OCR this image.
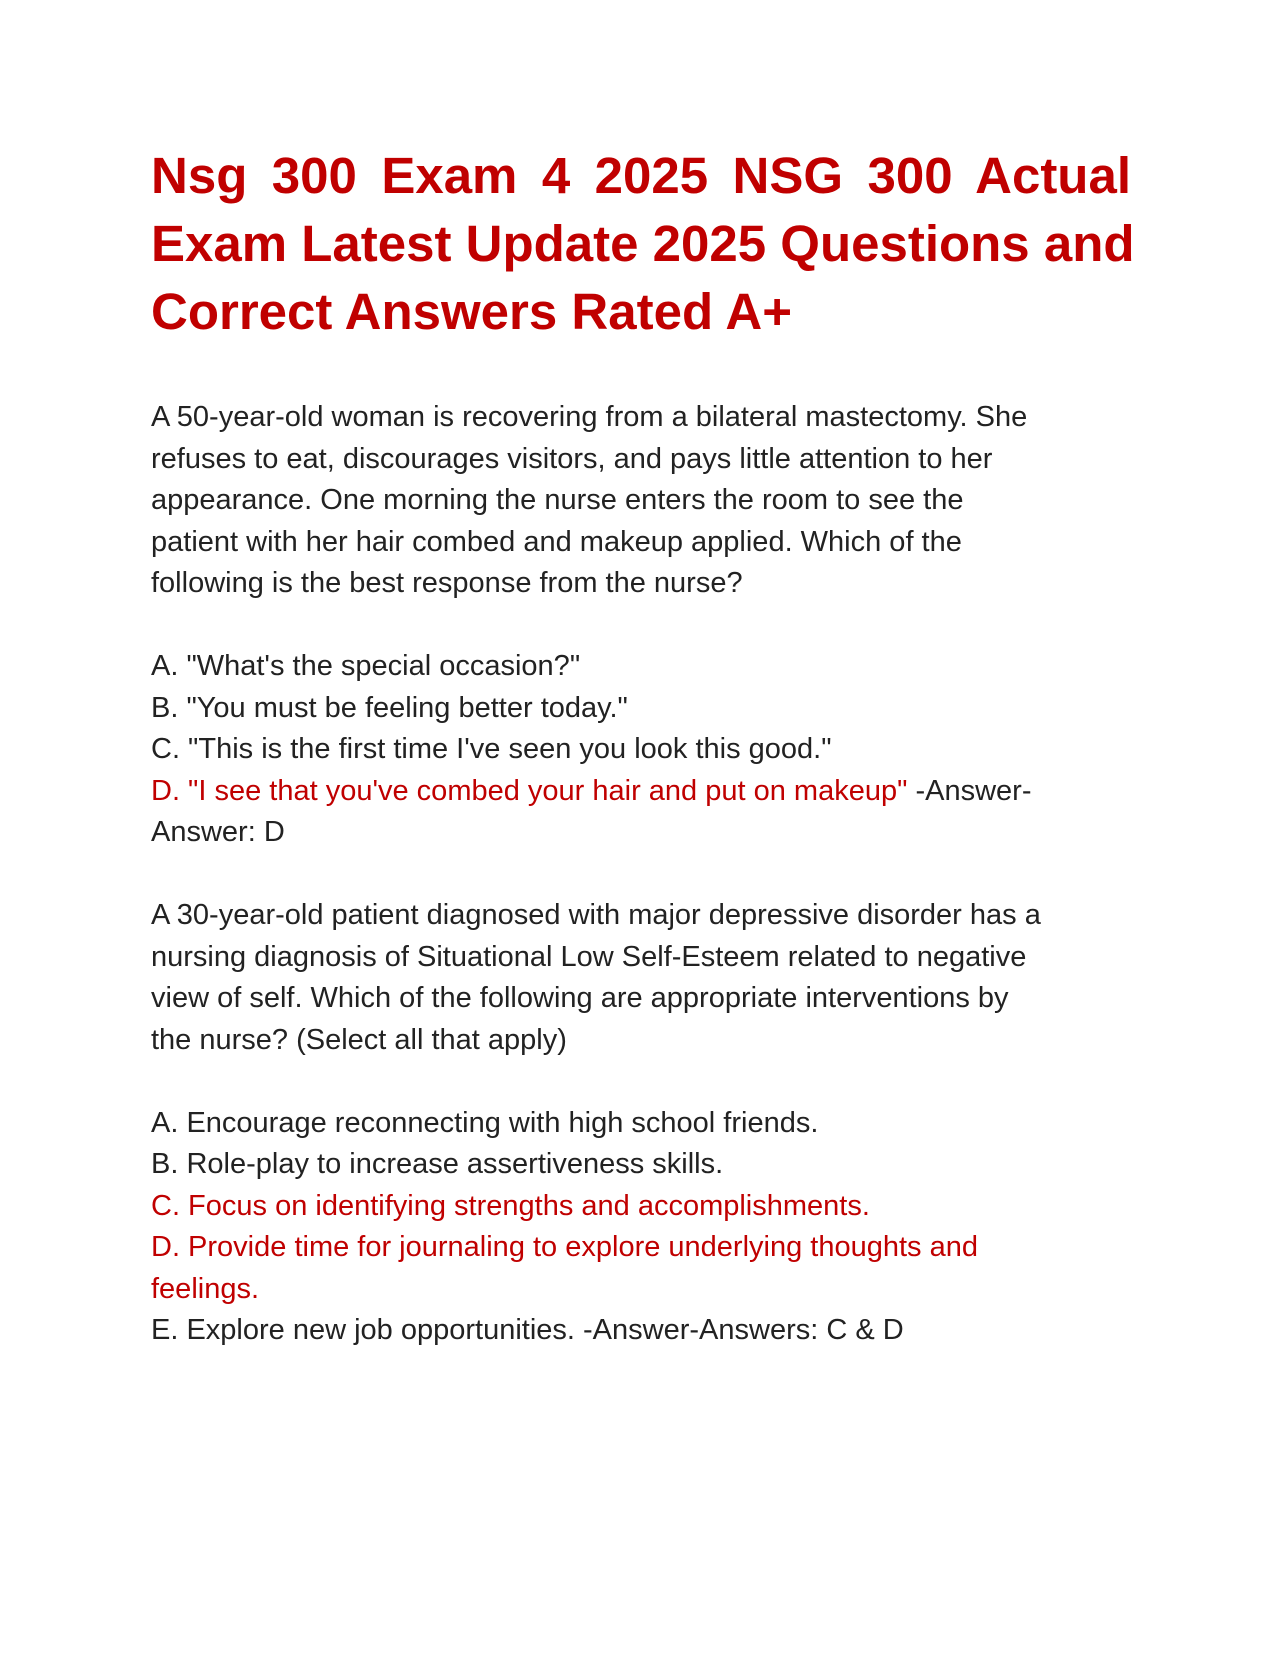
Nsg 300 Exam 4 2025 NSG 300 Actual
Exam Latest Update 2025 Questions and
Correct Answers Rated A+
A 50-year-old woman is recovering from a bilateral mastectomy. She
refuses to eat, discourages visitors, and pays little attention to her
appearance. One morning the nurse enters the room to see the
patient with her hair combed and makeup applied. Which of the
following is the best response from the nurse?
A. "What's the special occasion?"
B. "You must be feeling better today."
C. "This is the first time I've seen you look this good."
D. "I see that you've combed your hair and put on makeup" -Answer-
Answer: D
A 30-year-old patient diagnosed with major depressive disorder has a
nursing diagnosis of Situational Low Self-Esteem related to negative
view of self. Which of the following are appropriate interventions by
the nurse? (Select all that apply)
A. Encourage reconnecting with high school friends.
B. Role-play to increase assertiveness skills.
C. Focus on identifying strengths and accomplishments.
D. Provide time for journaling to explore underlying thoughts and
feelings.
E. Explore new job opportunities. -Answer-Answers: C & D
